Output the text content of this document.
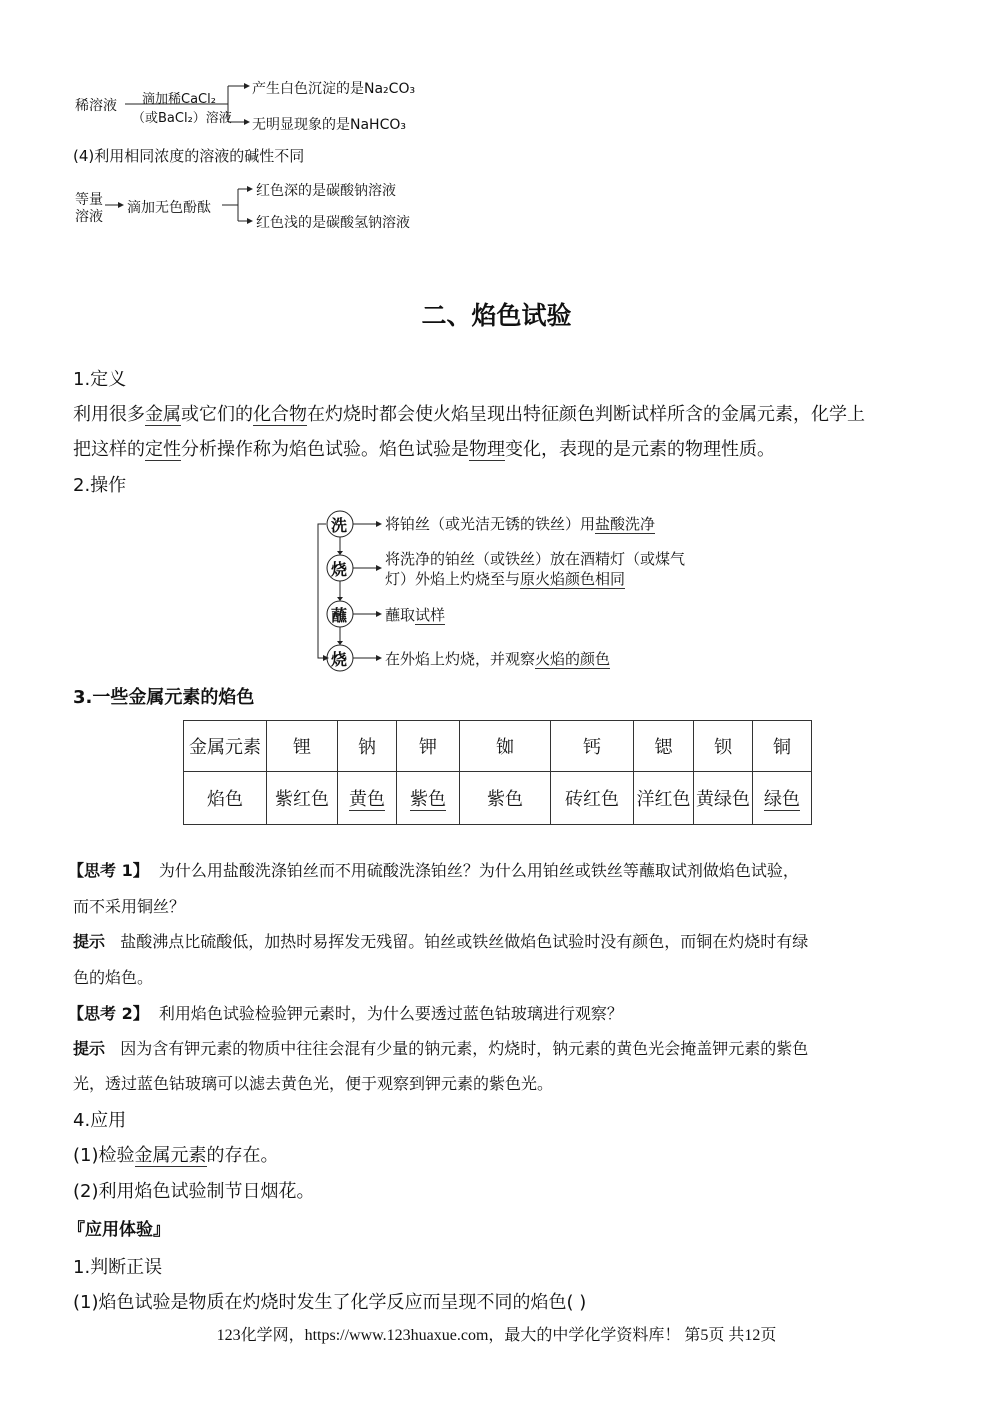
稀溶液 滴加稀CaCl₂
（或BaCl₂）溶液
产生白色沉淀的是Na₂CO₃
无明显现象的是NaHCO₃
(4)利用相同浓度的溶液的碱性不同
等量
溶液
滴加无色酚酞
红色深的是碳酸钠溶液
红色浅的是碳酸氢钠溶液
二、焰色试验
1.定义
利用很多金属或它们的化合物在灼烧时都会使火焰呈现出特征颜色判断试样所含的金属元素，化学上
把这样的定性分析操作称为焰色试验。焰色试验是物理变化，表现的是元素的物理性质。
2.操作
洗
烧
蘸
烧
将铂丝（或光洁无锈的铁丝）用盐酸洗净
将洗净的铂丝（或铁丝）放在酒精灯（或煤气
灯）外焰上灼烧至与原火焰颜色相同
蘸取试样
在外焰上灼烧，并观察火焰的颜色
3.一些金属元素的焰色
金属元素	锂	钠	钾	铷	钙	锶	钡	铜
焰色	紫红色	黄色	紫色	紫色	砖红色	洋红色	黄绿色	绿色
【思考 1】 为什么用盐酸洗涤铂丝而不用硫酸洗涤铂丝？为什么用铂丝或铁丝等蘸取试剂做焰色试验，
而不采用铜丝？
提示 盐酸沸点比硫酸低，加热时易挥发无残留。铂丝或铁丝做焰色试验时没有颜色，而铜在灼烧时有绿
色的焰色。
【思考 2】 利用焰色试验检验钾元素时，为什么要透过蓝色钴玻璃进行观察？
提示 因为含有钾元素的物质中往往会混有少量的钠元素，灼烧时，钠元素的黄色光会掩盖钾元素的紫色
光，透过蓝色钴玻璃可以滤去黄色光，便于观察到钾元素的紫色光。
4.应用
(1)检验金属元素的存在。
(2)利用焰色试验制节日烟花。
『应用体验』
1.判断正误
(1)焰色试验是物质在灼烧时发生了化学反应而呈现不同的焰色( )
123化学网，https://www.123huaxue.com，最大的中学化学资料库！ 第5页 共12页
